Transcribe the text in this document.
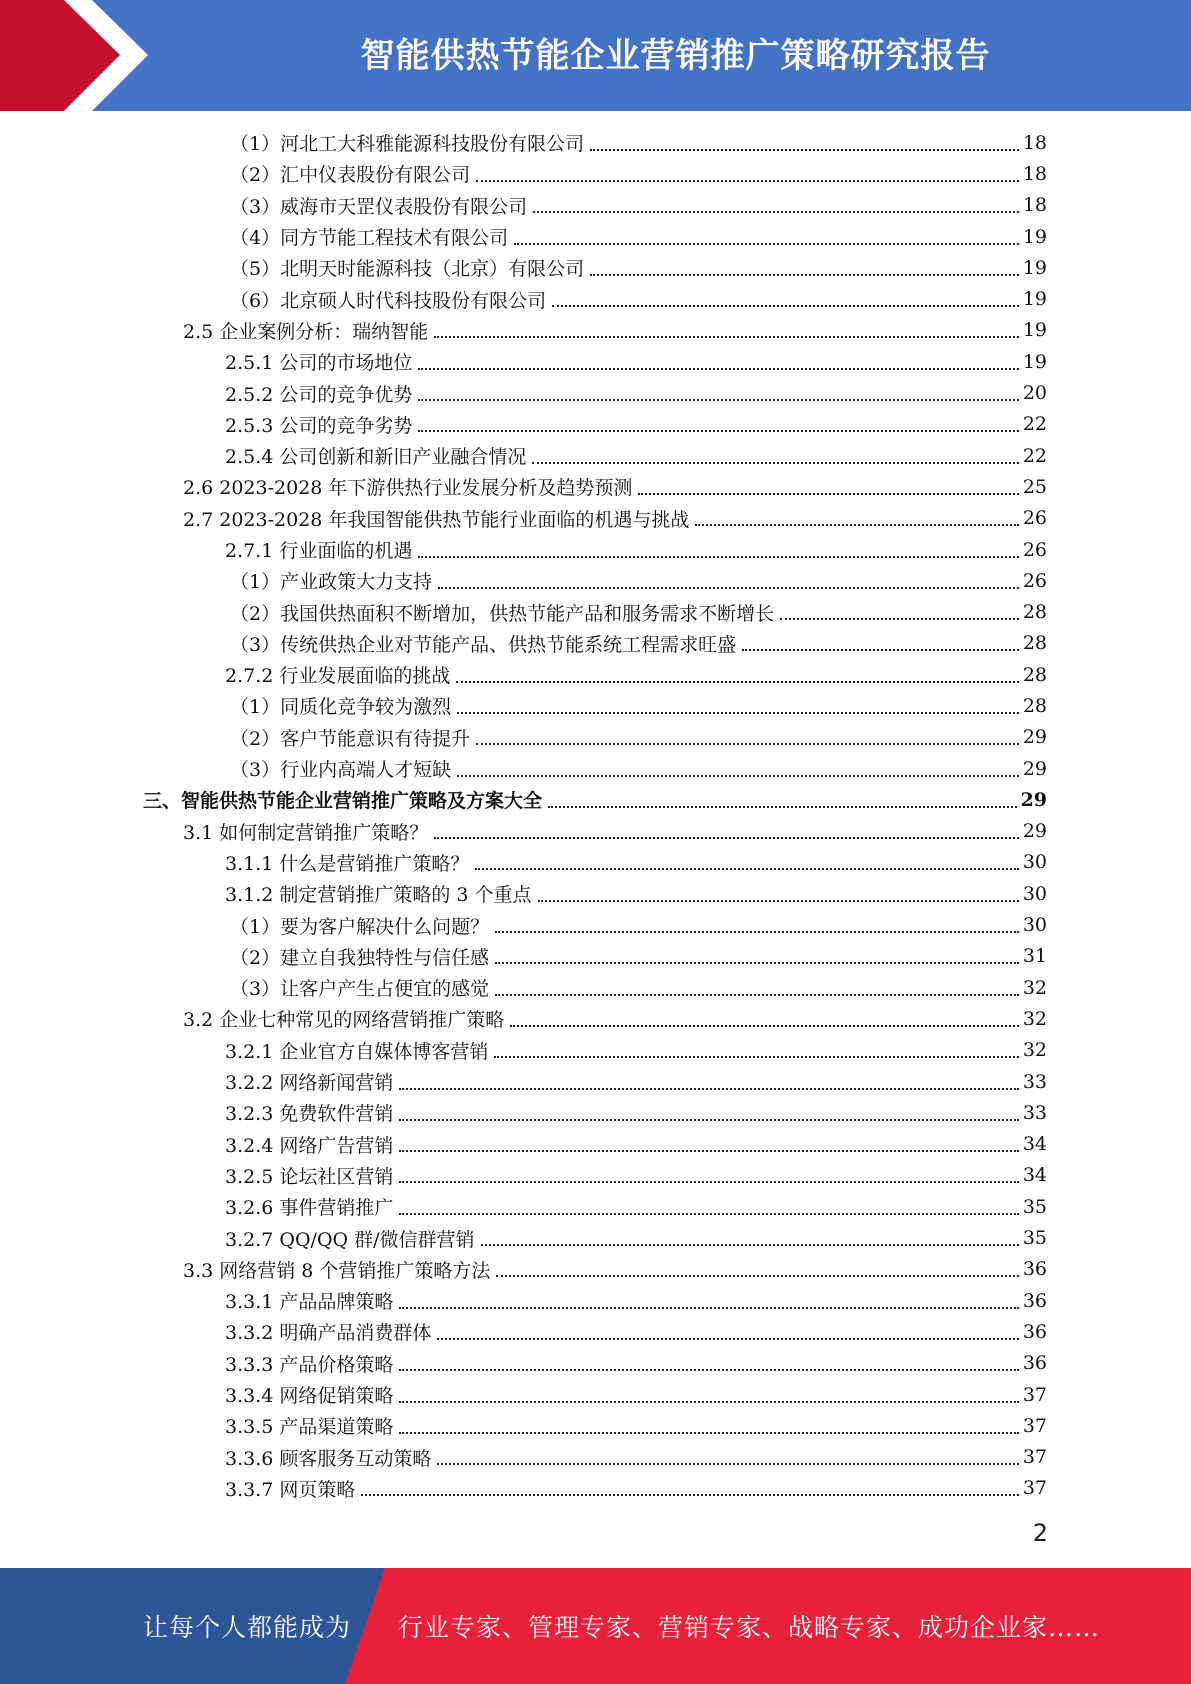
智能供热节能企业营销推广策略研究报告
（1）河北工大科雅能源科技股份有限公司	18
（2）汇中仪表股份有限公司	18
（3）威海市天罡仪表股份有限公司	18
（4）同方节能工程技术有限公司	19
（5）北明天时能源科技（北京）有限公司	19
（6）北京硕人时代科技股份有限公司	19
2.5 企业案例分析：瑞纳智能	19
2.5.1 公司的市场地位	19
2.5.2 公司的竞争优势	20
2.5.3 公司的竞争劣势	22
2.5.4 公司创新和新旧产业融合情况	22
2.6 2023-2028 年下游供热行业发展分析及趋势预测	25
2.7 2023-2028 年我国智能供热节能行业面临的机遇与挑战	26
2.7.1 行业面临的机遇	26
（1）产业政策大力支持	26
（2）我国供热面积不断增加，供热节能产品和服务需求不断增长	28
（3）传统供热企业对节能产品、供热节能系统工程需求旺盛	28
2.7.2 行业发展面临的挑战	28
（1）同质化竞争较为激烈	28
（2）客户节能意识有待提升	29
（3）行业内高端人才短缺	29
三、智能供热节能企业营销推广策略及方案大全	29
3.1 如何制定营销推广策略？	29
3.1.1 什么是营销推广策略？	30
3.1.2 制定营销推广策略的 3 个重点	30
（1）要为客户解决什么问题？	30
（2）建立自我独特性与信任感	31
（3）让客户产生占便宜的感觉	32
3.2 企业七种常见的网络营销推广策略	32
3.2.1 企业官方自媒体博客营销	32
3.2.2 网络新闻营销	33
3.2.3 免费软件营销	33
3.2.4 网络广告营销	34
3.2.5 论坛社区营销	34
3.2.6 事件营销推广	35
3.2.7 QQ/QQ 群/微信群营销	35
3.3 网络营销 8 个营销推广策略方法	36
3.3.1 产品品牌策略	36
3.3.2 明确产品消费群体	36
3.3.3 产品价格策略	36
3.3.4 网络促销策略	37
3.3.5 产品渠道策略	37
3.3.6 顾客服务互动策略	37
3.3.7 网页策略	37
2
让每个人都能成为 行业专家、管理专家、营销专家、战略专家、成功企业家……
